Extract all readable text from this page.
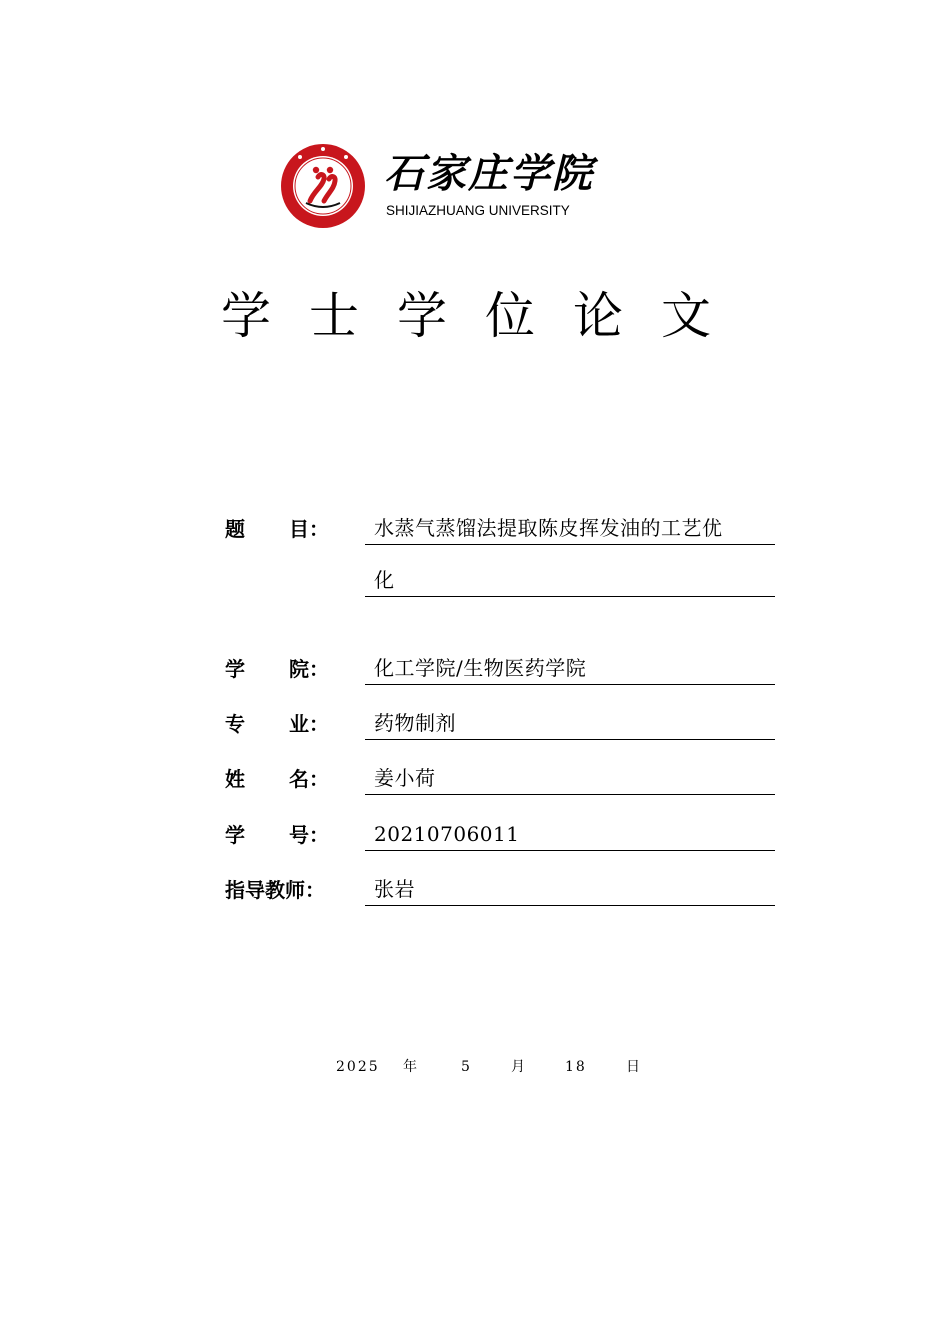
石家庄学院
SHIJIAZHUANG UNIVERSITY
学士学位论文
题 目：	水蒸气蒸馏法提取陈皮挥发油的工艺优
化
学 院：	化工学院/生物医药学院
专 业：	药物制剂
姓 名：	姜小荷
学 号：	20210706011
指导教师：	张岩
2025 年	5	月	18	日
